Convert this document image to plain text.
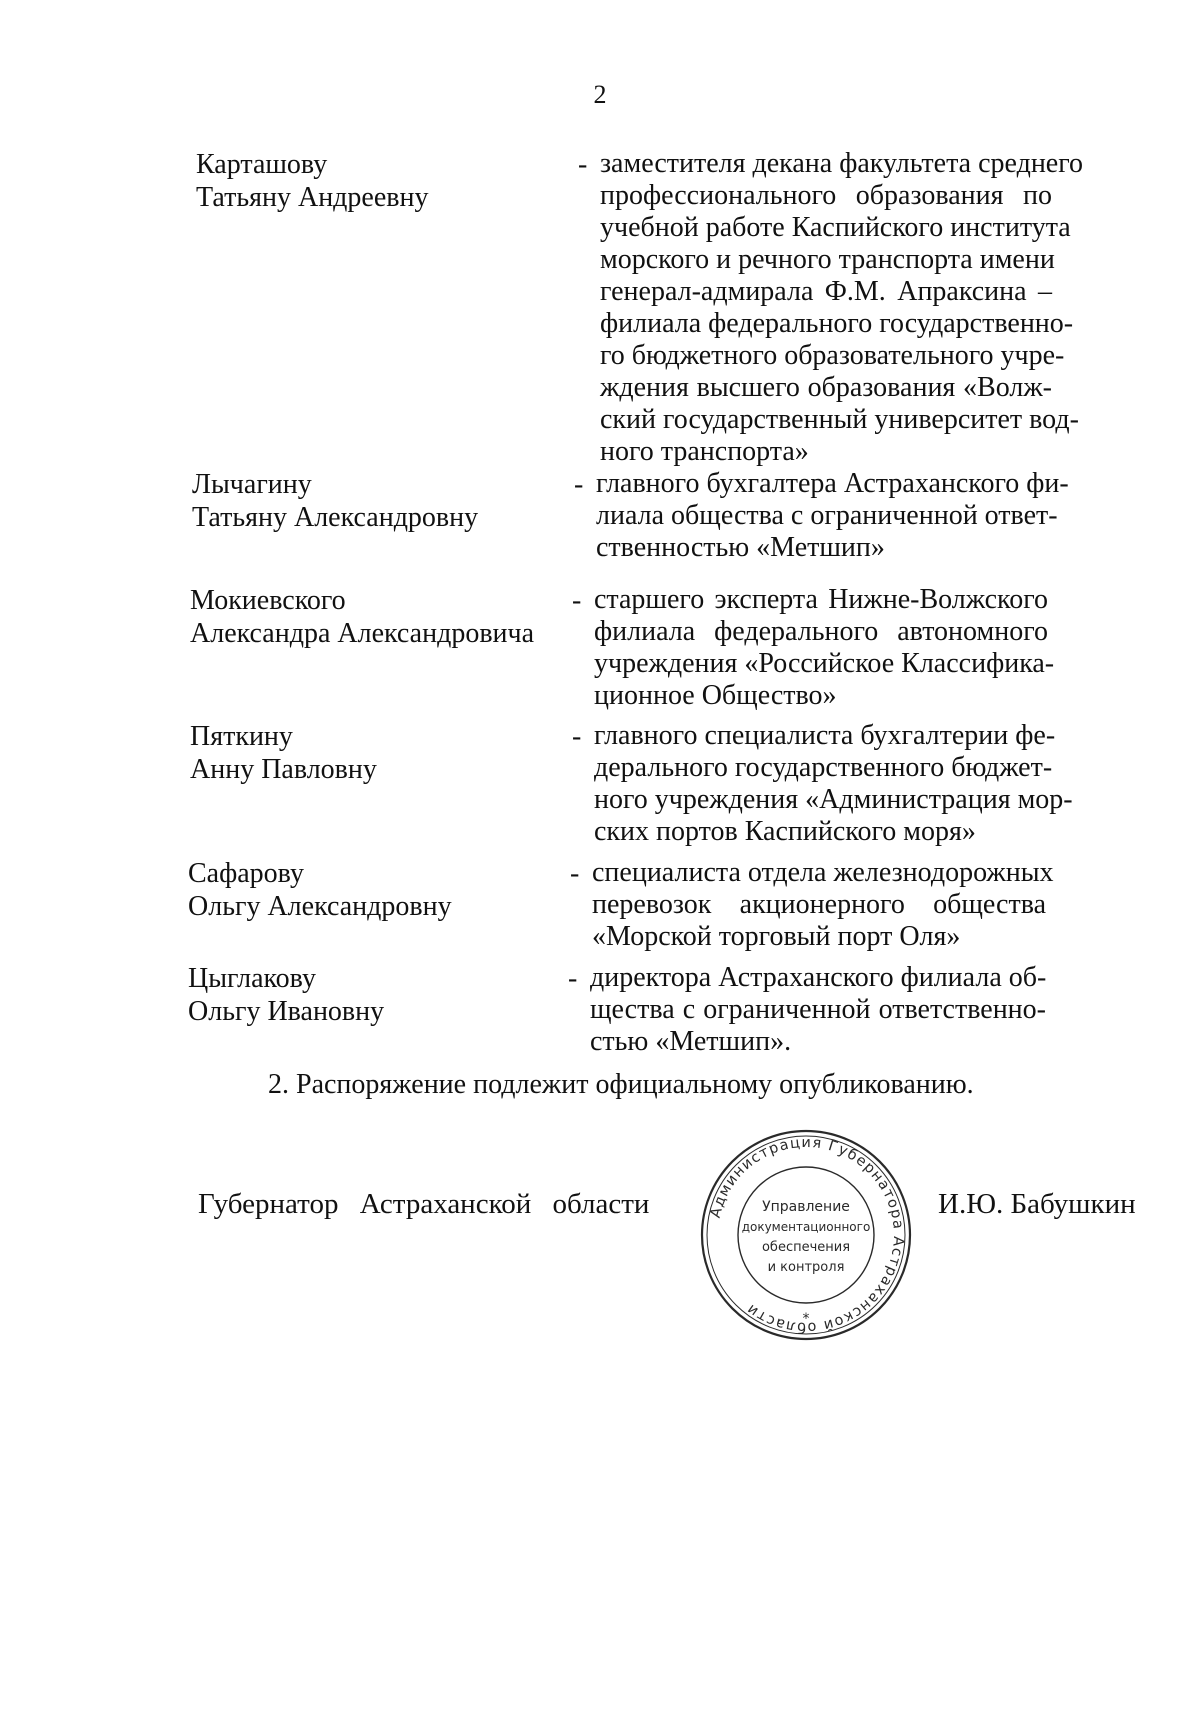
2
Карташову
Татьяну Андреевну
- заместителя декана факультета среднего
профессионального образования по
учебной работе Каспийского института
морского и речного транспорта имени
генерал-адмирала Ф.М. Апраксина –
филиала федерального государственно-
го бюджетного образовательного учре-
ждения высшего образования «Волж-
ский государственный университет вод-
ного транспорта»
Лычагину
Татьяну Александровну
- главного бухгалтера Астраханского фи-
лиала общества с ограниченной ответ-
ственностью «Метшип»
Мокиевского
Александра Александровича
- старшего эксперта Нижне-Волжского
филиала федерального автономного
учреждения «Российское Классифика-
ционное Общество»
Пяткину
Анну Павловну
- главного специалиста бухгалтерии фе-
дерального государственного бюджет-
ного учреждения «Администрация мор-
ских портов Каспийского моря»
Сафарову
Ольгу Александровну
- специалиста отдела железнодорожных
перевозок акционерного общества
«Морской торговый порт Оля»
Цыглакову
Ольгу Ивановну
- директора Астраханского филиала об-
щества с ограниченной ответственно-
стью «Метшип».
2. Распоряжение подлежит официальному опубликованию.
Губернатор Астраханской области	Администрация Губернатора Астраханской области	*
Управление
документационного
обеспечения
и контроля
И.Ю. Бабушкин
